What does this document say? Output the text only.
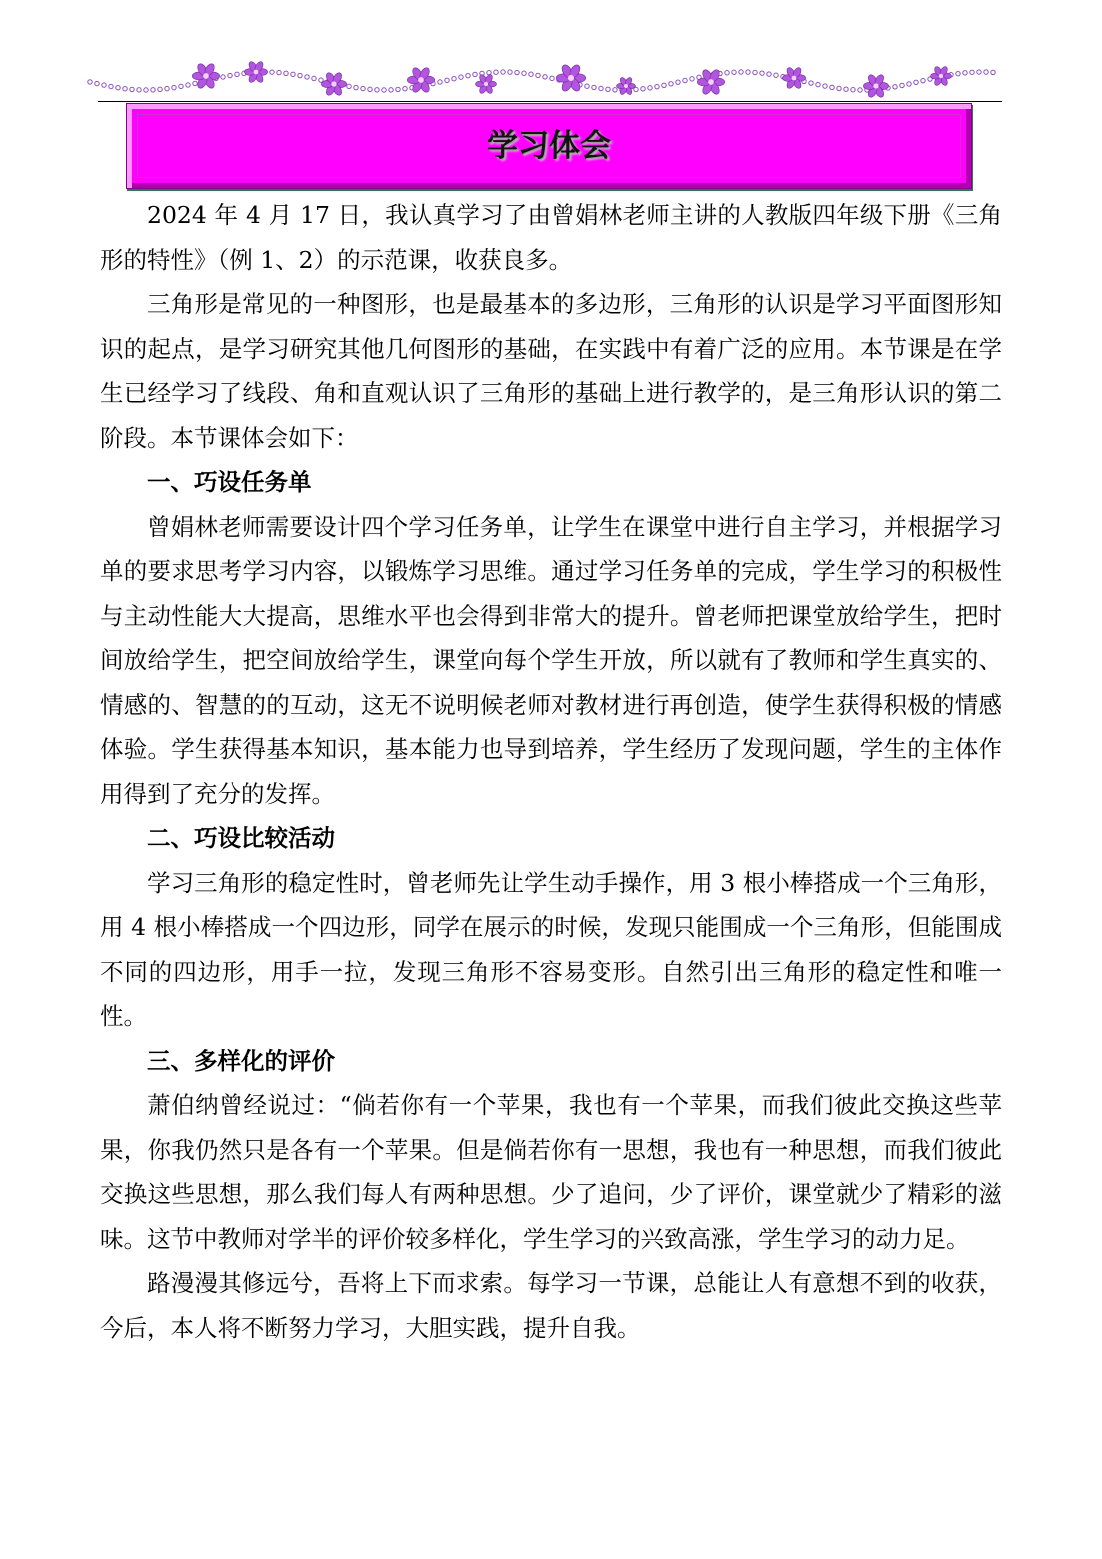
学习体会

2024 年 4 月 17 日，我认真学习了由曾娟林老师主讲的人教版四年级下册《三角形的特性》（例 1、2）的示范课，收获良多。

三角形是常见的一种图形，也是最基本的多边形，三角形的认识是学习平面图形知识的起点，是学习研究其他几何图形的基础，在实践中有着广泛的应用。本节课是在学生已经学习了线段、角和直观认识了三角形的基础上进行教学的，是三角形认识的第二阶段。本节课体会如下：

一、巧设任务单

曾娟林老师需要设计四个学习任务单，让学生在课堂中进行自主学习，并根据学习单的要求思考学习内容，以锻炼学习思维。通过学习任务单的完成，学生学习的积极性与主动性能大大提高，思维水平也会得到非常大的提升。曾老师把课堂放给学生，把时间放给学生，把空间放给学生，课堂向每个学生开放，所以就有了教师和学生真实的、情感的、智慧的的互动，这无不说明候老师对教材进行再创造，使学生获得积极的情感体验。学生获得基本知识，基本能力也导到培养，学生经历了发现问题，学生的主体作用得到了充分的发挥。

二、巧设比较活动

学习三角形的稳定性时，曾老师先让学生动手操作，用 3 根小棒搭成一个三角形，用 4 根小棒搭成一个四边形，同学在展示的时候，发现只能围成一个三角形，但能围成不同的四边形，用手一拉，发现三角形不容易变形。自然引出三角形的稳定性和唯一性。

三、多样化的评价

萧伯纳曾经说过：“倘若你有一个苹果，我也有一个苹果，而我们彼此交换这些苹果，你我仍然只是各有一个苹果。但是倘若你有一思想，我也有一种思想，而我们彼此交换这些思想，那么我们每人有两种思想。少了追问，少了评价，课堂就少了精彩的滋味。这节中教师对学半的评价较多样化，学生学习的兴致高涨，学生学习的动力足。

路漫漫其修远兮，吾将上下而求索。每学习一节课，总能让人有意想不到的收获，今后，本人将不断努力学习，大胆实践，提升自我。
